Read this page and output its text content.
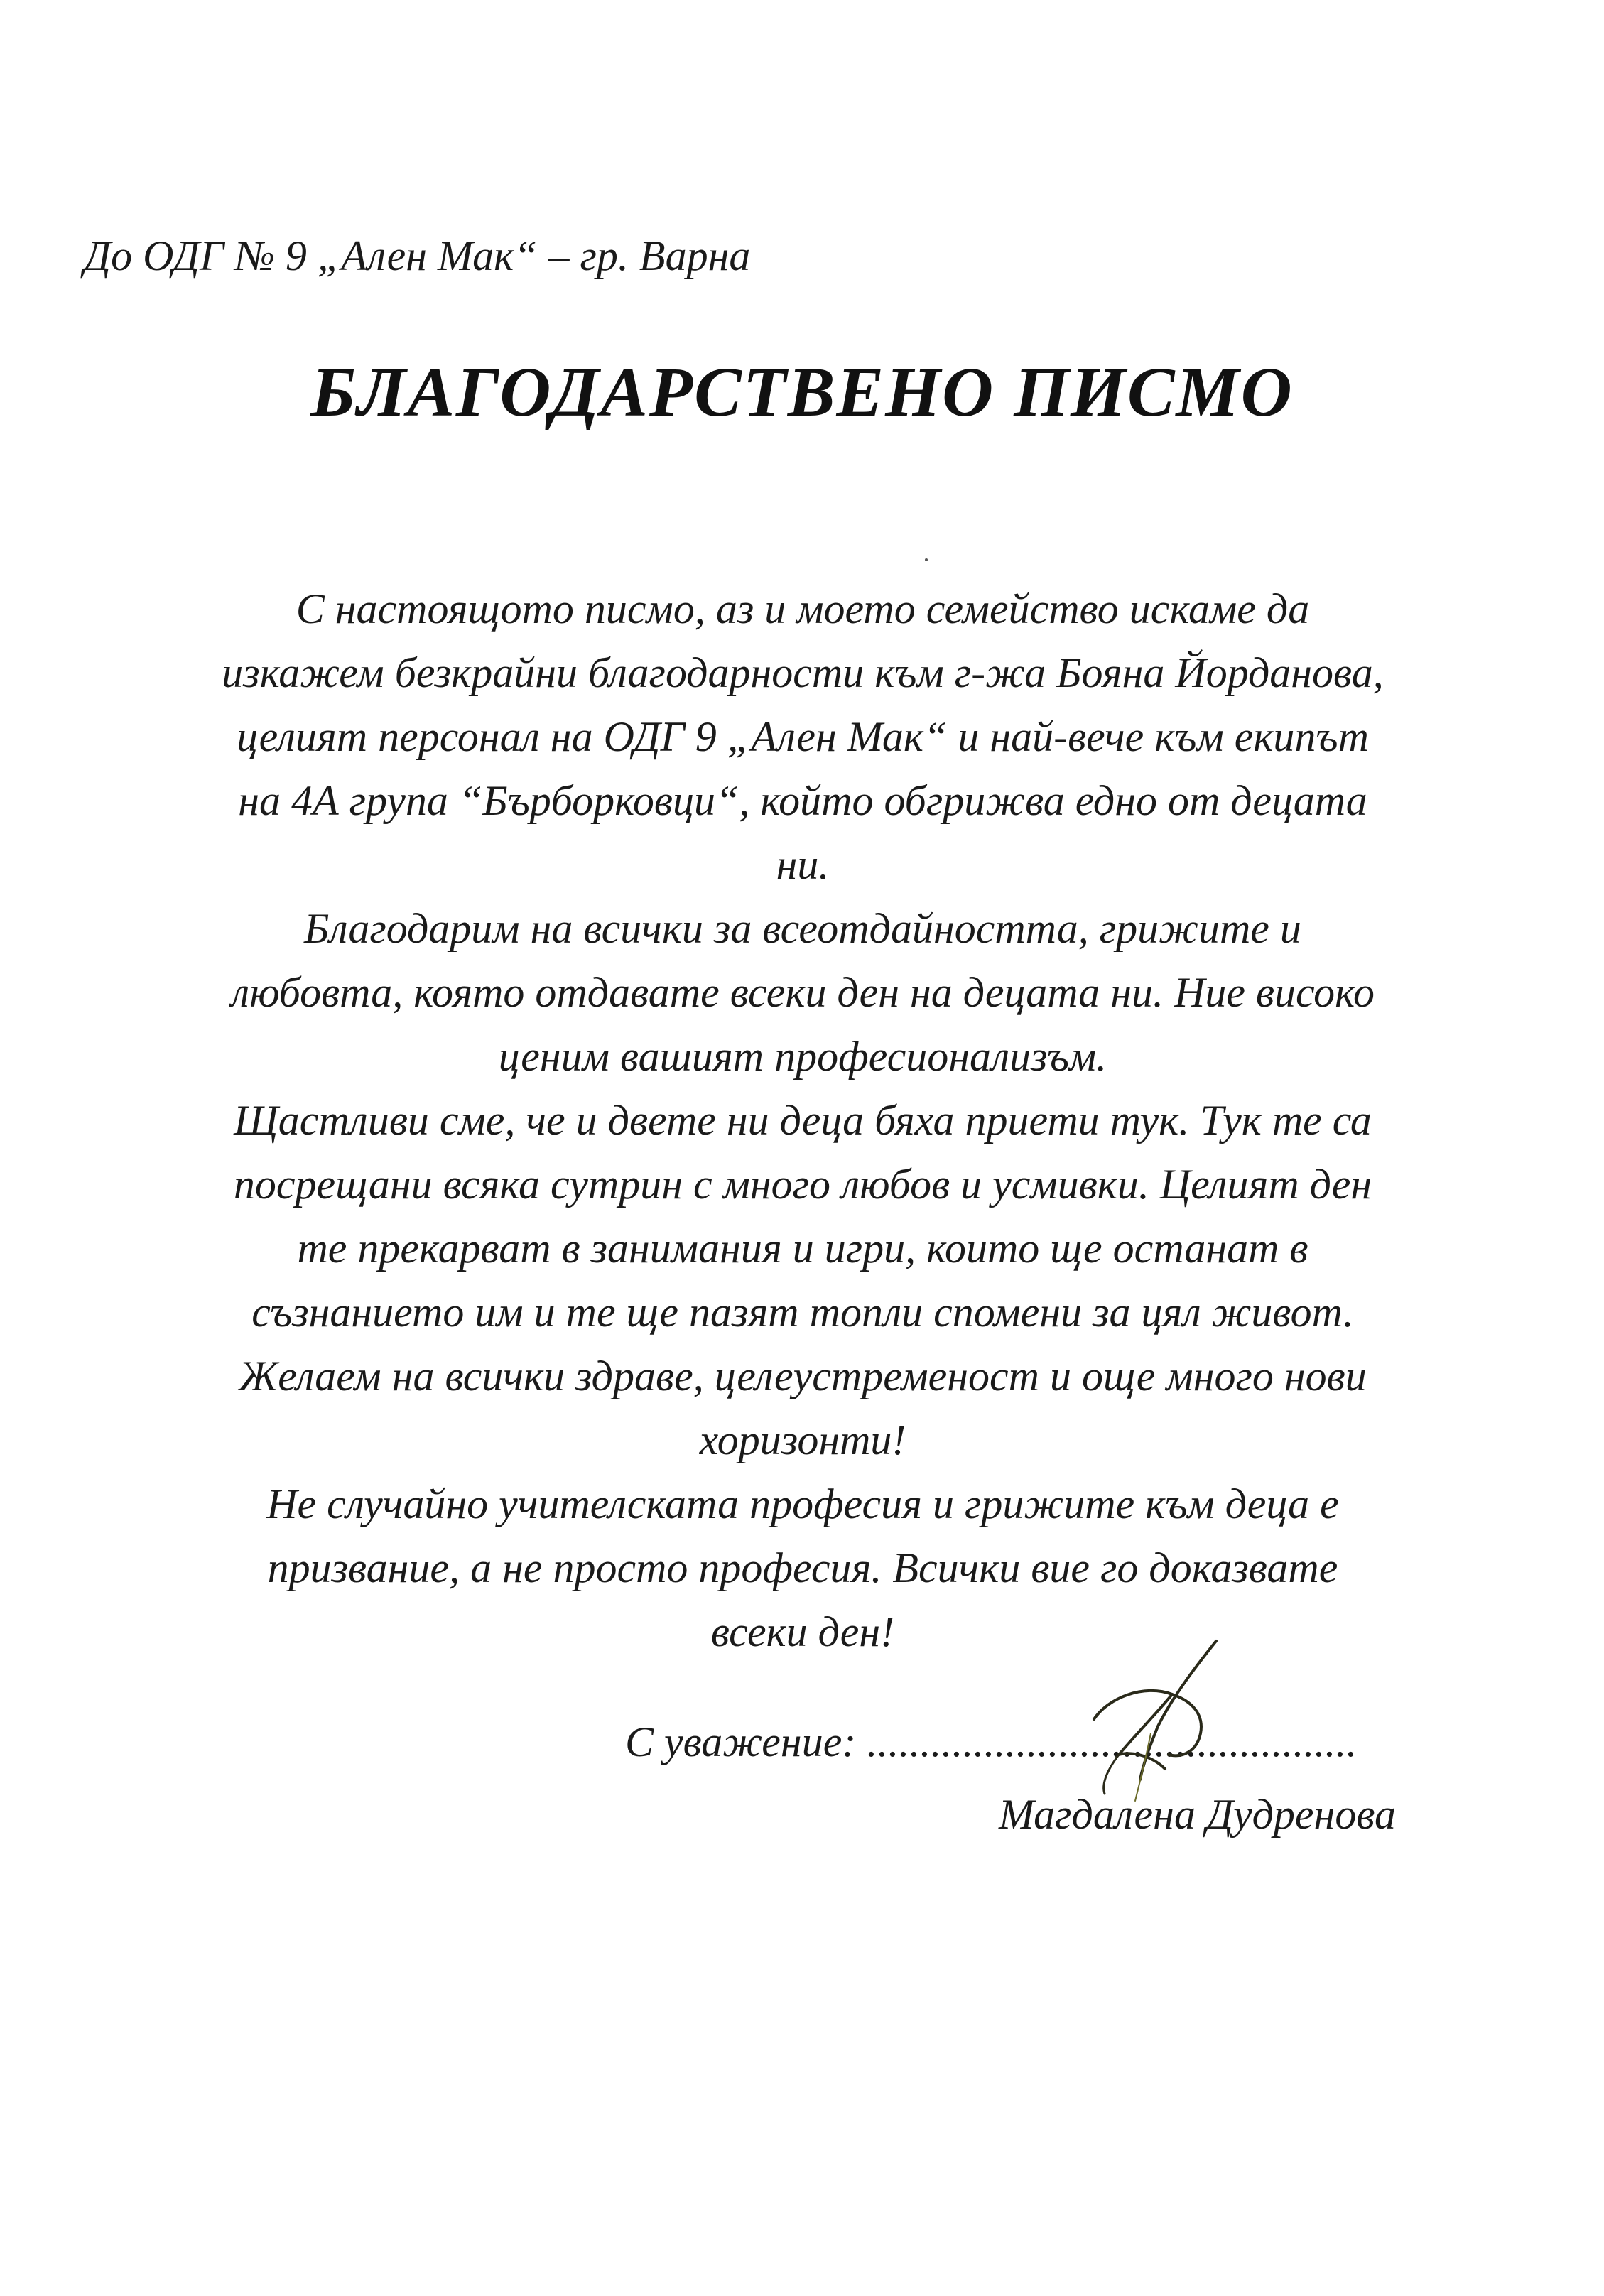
До ОДГ № 9 „Ален Мак“ – гр. Варна
БЛАГОДАРСТВЕНО ПИСМО
С настоящото писмо, аз и моето семейство искаме да
изкажем безкрайни благодарности към г-жа Бояна Йорданова,
целият персонал на ОДГ 9 „Ален Мак“ и най-вече към екипът
на 4А група “Бърборковци“, който обгрижва едно от децата
ни.
Благодарим на всички за всеотдайността, грижите и
любовта, която отдавате всеки ден на децата ни. Ние високо
ценим вашият професионализъм.
Щастливи сме, че и двете ни деца бяха приети тук. Тук те са
посрещани всяка сутрин с много любов и усмивки. Целият ден
те прекарват в занимания и игри, които ще останат в
съзнанието им и те ще пазят топли спомени за цял живот.
Желаем на всички здраве, целеустременост и още много нови
хоризонти!
Не случайно учителската професия и грижите към деца е
призвание, а не просто професия. Всички вие го доказвате
всеки ден!
С уважение: ..............................................
Магдалена Дудренова
